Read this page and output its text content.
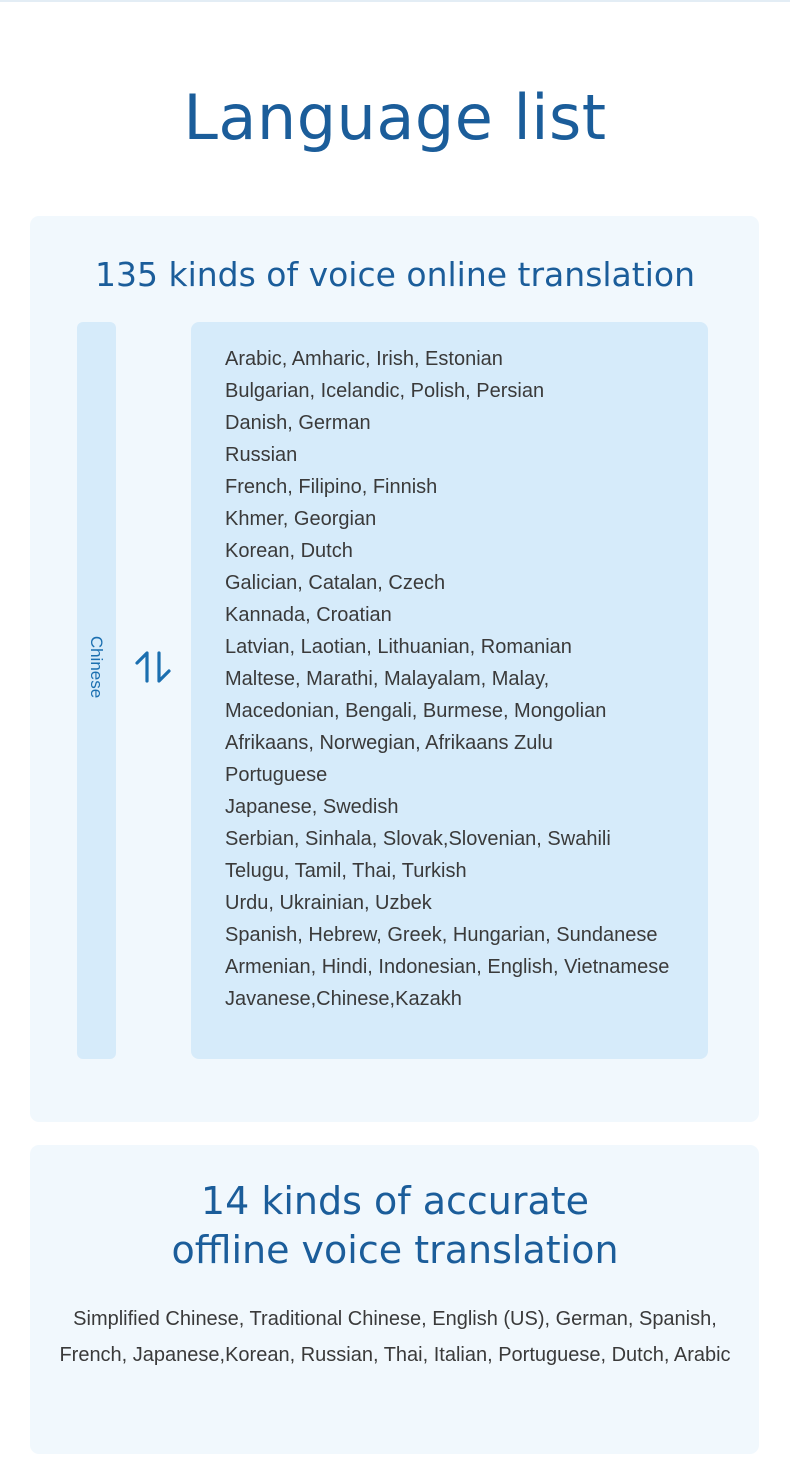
Language list
135 kinds of voice online translation
Chinese
Arabic, Amharic, Irish, Estonian
Bulgarian, Icelandic, Polish, Persian
Danish, German
Russian
French, Filipino, Finnish
Khmer, Georgian
Korean, Dutch
Galician, Catalan, Czech
Kannada, Croatian
Latvian, Laotian, Lithuanian, Romanian
Maltese, Marathi, Malayalam, Malay,
Macedonian, Bengali, Burmese, Mongolian
Afrikaans, Norwegian, Afrikaans Zulu
Portuguese
Japanese, Swedish
Serbian, Sinhala, Slovak,Slovenian, Swahili
Telugu, Tamil, Thai, Turkish
Urdu, Ukrainian, Uzbek
Spanish, Hebrew, Greek, Hungarian, Sundanese
Armenian, Hindi, Indonesian, English, Vietnamese
Javanese,Chinese,Kazakh
14 kinds of accurate
offline voice translation
Simplified Chinese, Traditional Chinese, English (US), German, Spanish,
French, Japanese,Korean, Russian, Thai, Italian, Portuguese, Dutch, Arabic
